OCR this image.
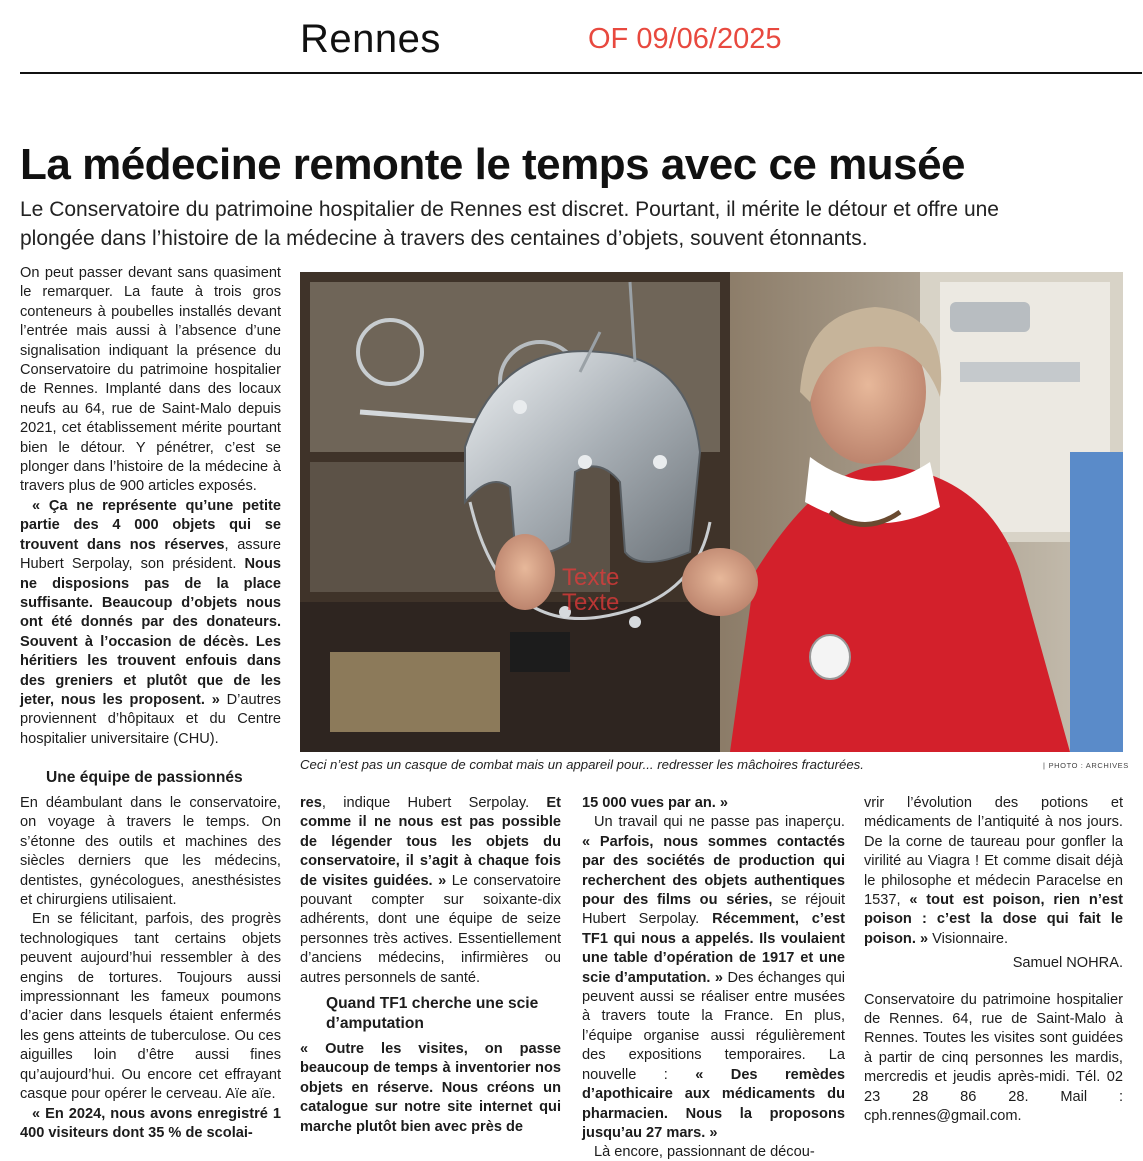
Rennes	OF 09/06/2025
La médecine remonte le temps avec ce musée

Le Conservatoire du patrimoine hospitalier de Rennes est discret. Pourtant, il mérite le détour et offre une plongée dans l’histoire de la médecine à travers des centaines d’objets, souvent étonnants.

On peut passer devant sans quasiment le remarquer. La faute à trois gros conteneurs à poubelles installés devant l’entrée mais aussi à l’absence d’une signalisation indiquant la présence du Conservatoire du patrimoine hospitalier de Rennes. Implanté dans des locaux neufs au 64, rue de Saint-Malo depuis 2021, cet établissement mérite pourtant bien le détour. Y pénétrer, c’est se plonger dans l’histoire de la médecine à travers plus de 900 articles exposés.

« Ça ne représente qu’une petite partie des 4 000 objets qui se trouvent dans nos réserves, assure Hubert Serpolay, son président. Nous ne disposions pas de la place suffisante. Beaucoup d’objets nous ont été donnés par des donateurs. Souvent à l’occasion de décès. Les héritiers les trouvent enfouis dans des greniers et plutôt que de les jeter, nous les proposent. » D’autres proviennent d’hôpitaux et du Centre hospitalier universitaire (CHU).

Une équipe de passionnés

En déambulant dans le conservatoire, on voyage à travers le temps. On s’étonne des outils et machines des siècles derniers que les médecins, dentistes, gynécologues, anesthésistes et chirurgiens utilisaient.

En se félicitant, parfois, des progrès technologiques tant certains objets peuvent aujourd’hui ressembler à des engins de tortures. Toujours aussi impressionnant les fameux poumons d’acier dans lesquels étaient enfermés les gens atteints de tuberculose. Ou ces aiguilles loin d’être aussi fines qu’aujourd’hui. Ou encore cet effrayant casque pour opérer le cerveau. Aïe aïe.

« En 2024, nous avons enregistré 1 400 visiteurs dont 35 % de scolai-

res, indique Hubert Serpolay. Et comme il ne nous est pas possible de légender tous les objets du conservatoire, il s’agit à chaque fois de visites guidées. » Le conservatoire pouvant compter sur soixante-dix adhérents, dont une équipe de seize personnes très actives. Essentiellement d’anciens médecins, infirmières ou autres personnels de santé.

Quand TF1 cherche une scie d’amputation

« Outre les visites, on passe beaucoup de temps à inventorier nos objets en réserve. Nous créons un catalogue sur notre site internet qui marche plutôt bien avec près de

15 000 vues par an. »

Un travail qui ne passe pas inaperçu. « Parfois, nous sommes contactés par des sociétés de production qui recherchent des objets authentiques pour des films ou séries, se réjouit Hubert Serpolay. Récemment, c’est TF1 qui nous a appelés. Ils voulaient une table d’opération de 1917 et une scie d’amputation. » Des échanges qui peuvent aussi se réaliser entre musées à travers toute la France. En plus, l’équipe organise aussi régulièrement des expositions temporaires. La nouvelle : « Des remèdes d’apothicaire aux médicaments du pharmacien. Nous la proposons jusqu’au 27 mars. »

Là encore, passionnant de décou-

vrir l’évolution des potions et médicaments de l’antiquité à nos jours. De la corne de taureau pour gonfler la virilité au Viagra ! Et comme disait déjà le philosophe et médecin Paracelse en 1537, « tout est poison, rien n’est poison : c’est la dose qui fait le poison. » Visionnaire.

Samuel NOHRA.

Conservatoire du patrimoine hospitalier de Rennes. 64, rue de Saint-Malo à Rennes. Toutes les visites sont guidées à partir de cinq personnes les mardis, mercredis et jeudis après-midi. Tél. 02 23 28 86 28. Mail : cph.rennes@gmail.com.

Texte
Texte
Ceci n’est pas un casque de combat mais un appareil pour... redresser les mâchoires fracturées.	| PHOTO : ARCHIVES
